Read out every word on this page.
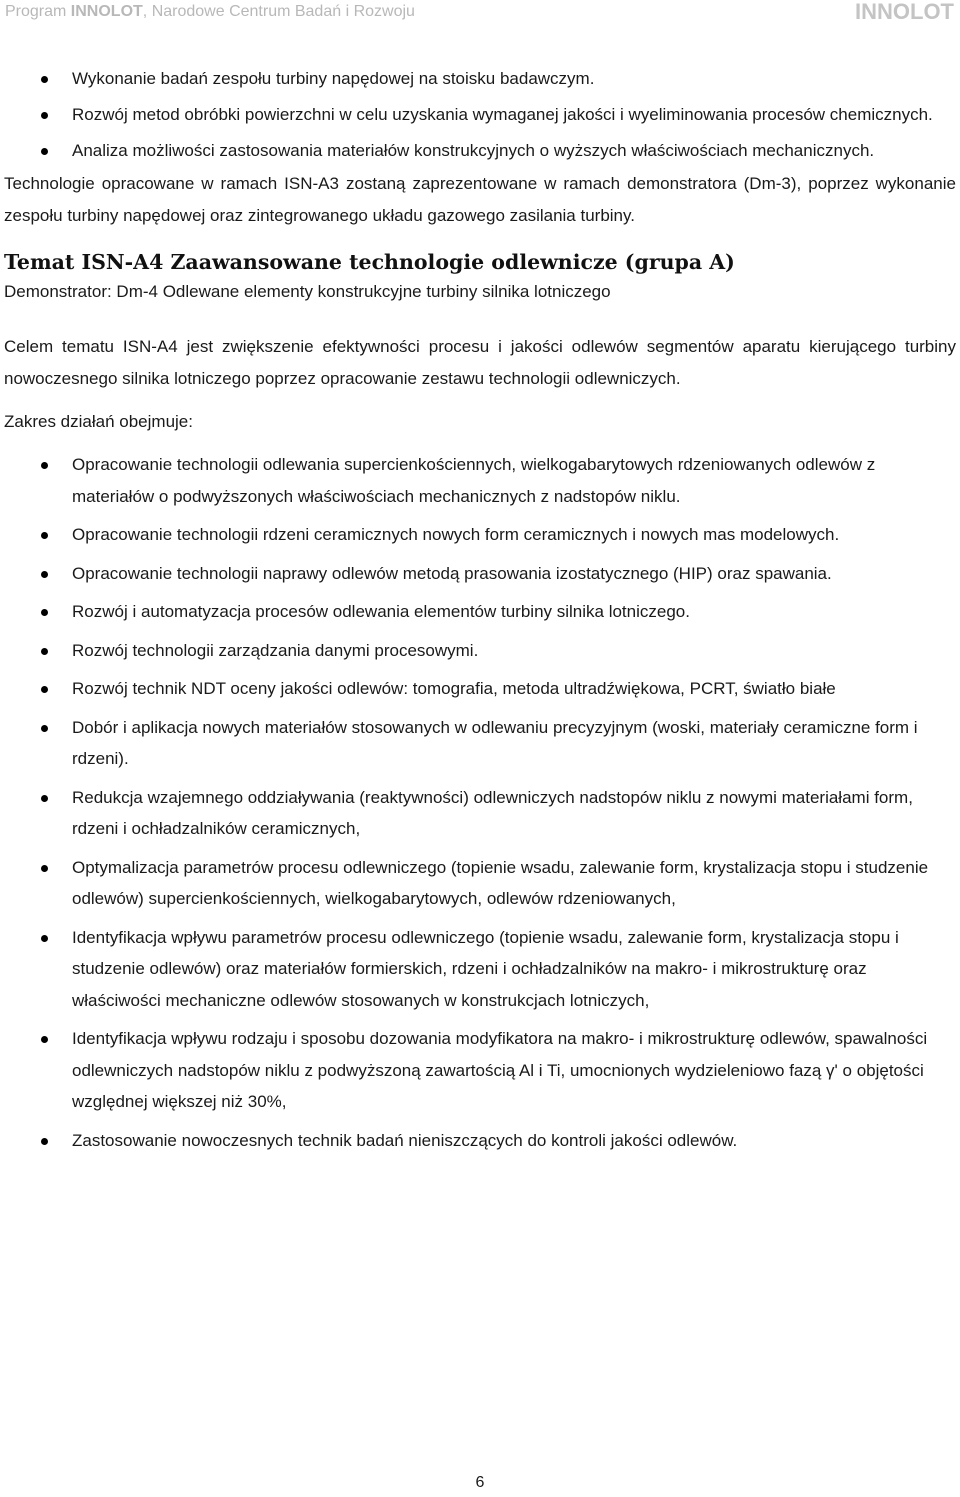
Program INNOLOT, Narodowe Centrum Badań i Rozwoju	INNOLOT
Wykonanie badań zespołu turbiny napędowej na stoisku badawczym.
Rozwój metod obróbki powierzchni w celu uzyskania wymaganej jakości i wyeliminowania procesów chemicznych.
Analiza możliwości zastosowania materiałów konstrukcyjnych o wyższych właściwościach mechanicznych.

Technologie opracowane w ramach ISN-A3 zostaną zaprezentowane w ramach demonstratora (Dm-3), poprzez wykonanie zespołu turbiny napędowej oraz zintegrowanego układu gazowego zasilania turbiny.

Temat ISN-A4 Zaawansowane technologie odlewnicze (grupa A)

Demonstrator: Dm-4 Odlewane elementy konstrukcyjne turbiny silnika lotniczego

Celem tematu ISN-A4 jest zwiększenie efektywności procesu i jakości odlewów segmentów aparatu kierującego turbiny nowoczesnego silnika lotniczego poprzez opracowanie zestawu technologii odlewniczych.

Zakres działań obejmuje:

Opracowanie technologii odlewania supercienkościennych, wielkogabarytowych rdzeniowanych odlewów z materiałów o podwyższonych właściwościach mechanicznych z nadstopów niklu.
Opracowanie technologii rdzeni ceramicznych nowych form ceramicznych i nowych mas modelowych.
Opracowanie technologii naprawy odlewów metodą prasowania izostatycznego (HIP) oraz spawania.
Rozwój i automatyzacja procesów odlewania elementów turbiny silnika lotniczego.
Rozwój technologii zarządzania danymi procesowymi.
Rozwój technik NDT oceny jakości odlewów: tomografia, metoda ultradźwiękowa, PCRT, światło białe
Dobór i aplikacja nowych materiałów stosowanych w odlewaniu precyzyjnym (woski, materiały ceramiczne form i rdzeni).
Redukcja wzajemnego oddziaływania (reaktywności) odlewniczych nadstopów niklu z nowymi materiałami form, rdzeni i ochładzalników ceramicznych,
Optymalizacja parametrów procesu odlewniczego (topienie wsadu, zalewanie form, krystalizacja stopu i studzenie odlewów) supercienkościennych, wielkogabarytowych, odlewów rdzeniowanych,
Identyfikacja wpływu parametrów procesu odlewniczego (topienie wsadu, zalewanie form, krystalizacja stopu i studzenie odlewów) oraz materiałów formierskich, rdzeni i ochładzalników na makro- i mikrostrukturę oraz właściwości mechaniczne odlewów stosowanych w konstrukcjach lotniczych,
Identyfikacja wpływu rodzaju i sposobu dozowania modyfikatora na makro- i mikrostrukturę odlewów, spawalności odlewniczych nadstopów niklu z podwyższoną zawartością Al i Ti, umocnionych wydzieleniowo fazą γ' o objętości względnej większej niż 30%,
Zastosowanie nowoczesnych technik badań nieniszczących do kontroli jakości odlewów.
6
